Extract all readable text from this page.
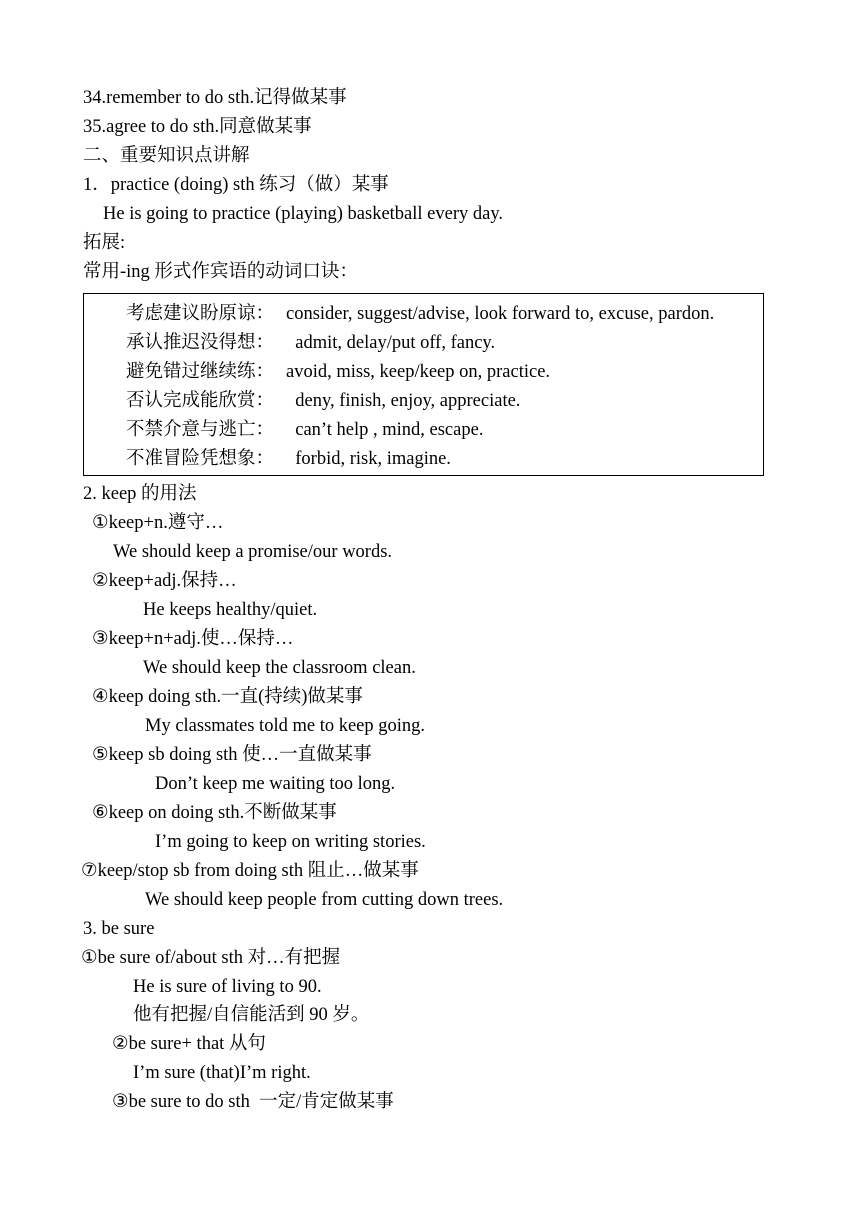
34.remember to do sth.记得做某事
35.agree to do sth.同意做某事
二、重要知识点讲解
1．practice (doing) sth 练习（做）某事
He is going to practice (playing) basketball every day.
拓展:
常用-ing 形式作宾语的动词口诀：
考虑建议盼原谅： consider, suggest/advise, look forward to, excuse, pardon.
承认推迟没得想：  admit, delay/put off, fancy.
避免错过继续练： avoid, miss, keep/keep on, practice.
否认完成能欣赏：  deny, finish, enjoy, appreciate.
不禁介意与逃亡：  can’t help , mind, escape.
不准冒险凭想象：  forbid, risk, imagine.
2. keep 的用法
①keep+n.遵守…
We should keep a promise/our words.
②keep+adj.保持…
He keeps healthy/quiet.
③keep+n+adj.使…保持…
We should keep the classroom clean.
④keep doing sth.一直(持续)做某事
My classmates told me to keep going.
⑤keep sb doing sth 使…一直做某事
Don’t keep me waiting too long.
⑥keep on doing sth.不断做某事
I’m going to keep on writing stories.
⑦keep/stop sb from doing sth 阻止…做某事
We should keep people from cutting down trees.
3. be sure
①be sure of/about sth 对…有把握
He is sure of living to 90.
他有把握/自信能活到 90 岁。
②be sure+ that 从句
I’m sure (that)I’m right.
③be sure to do sth  一定/肯定做某事
